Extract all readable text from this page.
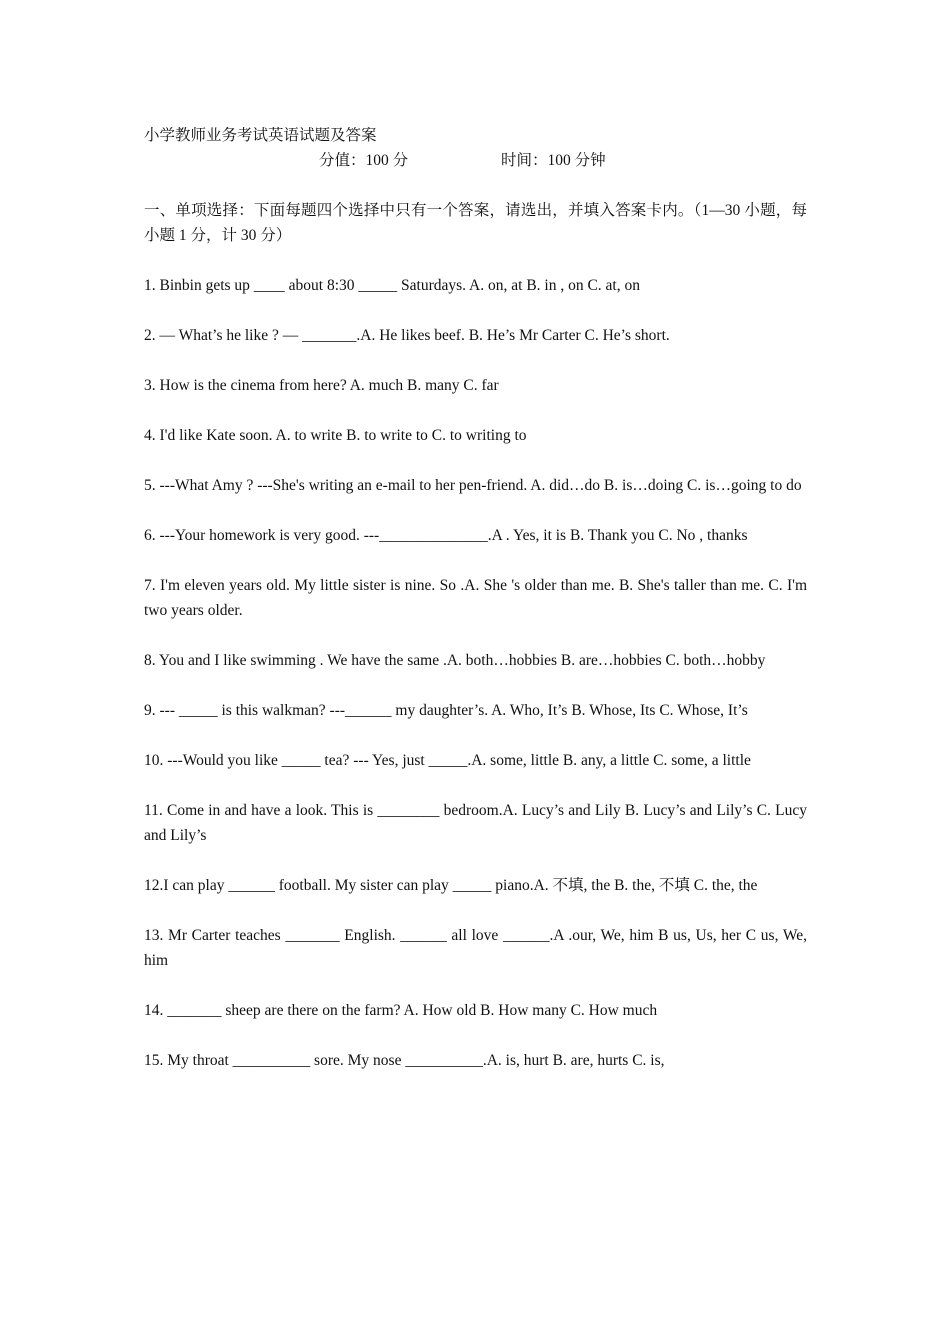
小学教师业务考试英语试题及答案

分值：100 分	时间：100 分钟

一、单项选择：下面每题四个选择中只有一个答案，请选出，并填入答案卡内。（1—30 小题，每小题 1 分，计 30 分）

1. Binbin gets up ____ about 8:30 _____ Saturdays. A. on, at B. in , on C. at, on

2. — What’s he like ? — _______.A. He likes beef. B. He’s Mr Carter C. He’s short.

3. How is the cinema from here? A. much B. many C. far

4. I'd like Kate soon. A. to write B. to write to C. to writing to

5. ---What Amy ? ---She's writing an e-mail to her pen-friend. A. did…do B. is…doing C. is…going to do

6. ---Your homework is very good. ---______________.A . Yes, it is B. Thank you C. No , thanks

7. I'm eleven years old. My little sister is nine. So .A. She 's older than me. B. She's taller than me. C. I'm two years older.

8. You and I like swimming . We have the same .A. both…hobbies B. are…hobbies C. both…hobby

9. --- _____ is this walkman? ---______ my daughter’s. A. Who, It’s B. Whose, Its C. Whose, It’s

10. ---Would you like _____ tea? --- Yes, just _____.A. some, little B. any, a little C. some, a little

11. Come in and have a look. This is ________ bedroom.A. Lucy’s and Lily B. Lucy’s and Lily’s C. Lucy and Lily’s

12.I can play ______ football. My sister can play _____ piano.A. 不填, the B. the, 不填 C. the, the

13. Mr Carter teaches _______ English. ______ all love ______.A .our, We, him B us, Us, her C us, We, him

14. _______ sheep are there on the farm? A. How old B. How many C. How much

15. My throat __________ sore. My nose __________.A. is, hurt B. are, hurts C. is,
